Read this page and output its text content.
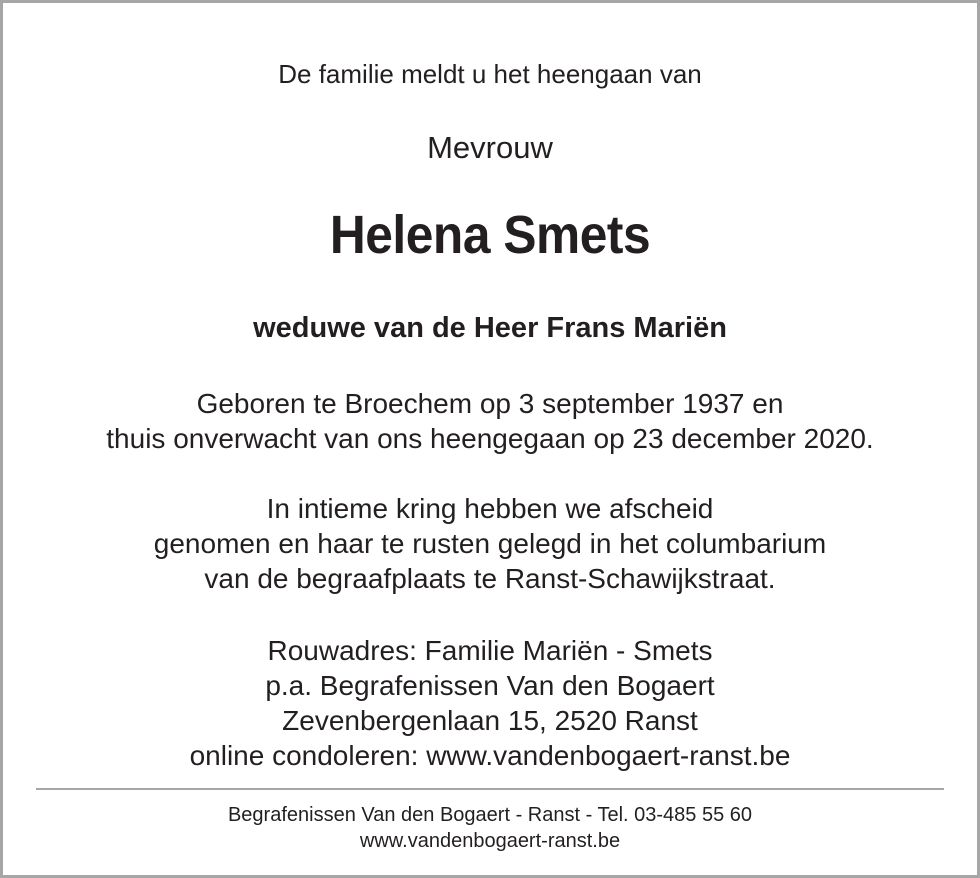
De familie meldt u het heengaan van

Mevrouw

Helena Smets

weduwe van de Heer Frans Mariën

Geboren te Broechem op 3 september 1937 en
thuis onverwacht van ons heengegaan op 23 december 2020.
In intieme kring hebben we afscheid
genomen en haar te rusten gelegd in het columbarium
van de begraafplaats te Ranst-Schawijkstraat.
Rouwadres: Familie Mariën - Smets
p.a. Begrafenissen Van den Bogaert
Zevenbergenlaan 15, 2520 Ranst
online condoleren: www.vandenbogaert-ranst.be
Begrafenissen Van den Bogaert - Ranst - Tel. 03-485 55 60
www.vandenbogaert-ranst.be
